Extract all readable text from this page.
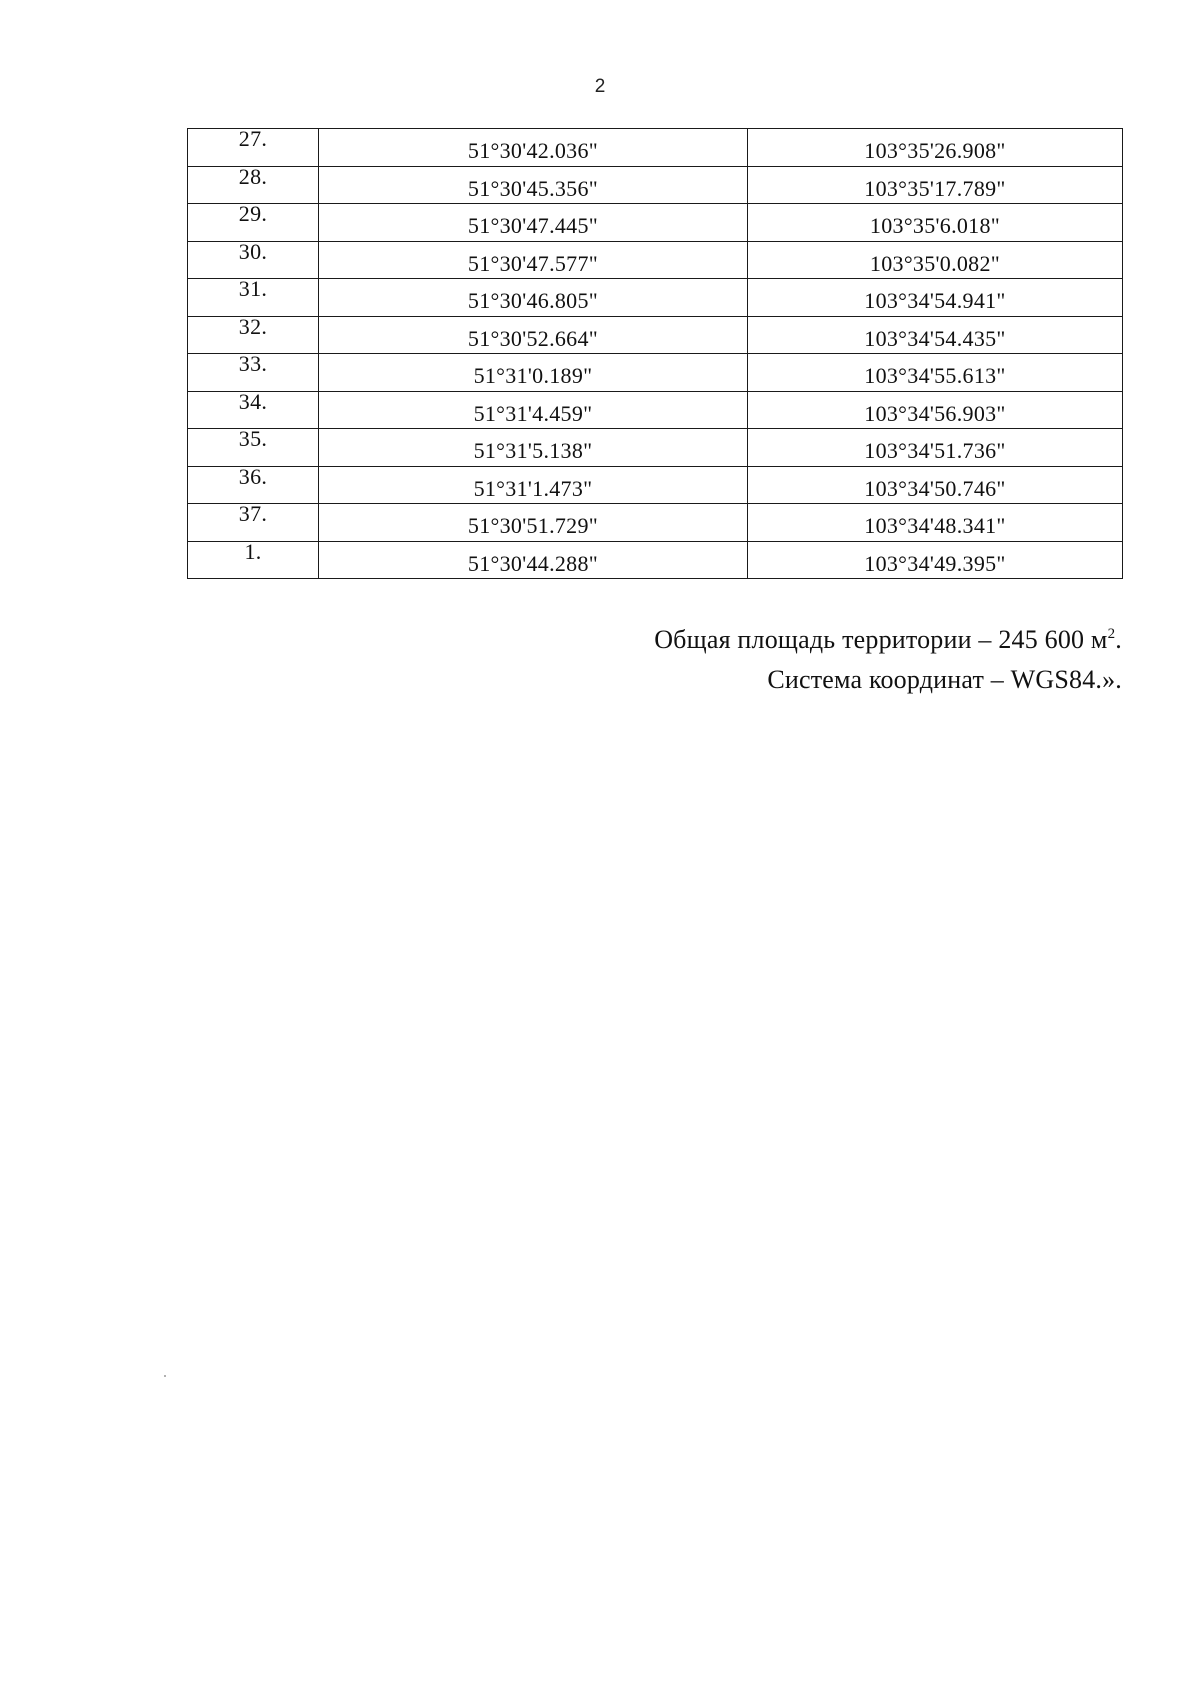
2
27.	51°30'42.036"	103°35'26.908"
28.	51°30'45.356"	103°35'17.789"
29.	51°30'47.445"	103°35'6.018"
30.	51°30'47.577"	103°35'0.082"
31.	51°30'46.805"	103°34'54.941"
32.	51°30'52.664"	103°34'54.435"
33.	51°31'0.189"	103°34'55.613"
34.	51°31'4.459"	103°34'56.903"
35.	51°31'5.138"	103°34'51.736"
36.	51°31'1.473"	103°34'50.746"
37.	51°30'51.729"	103°34'48.341"
1.	51°30'44.288"	103°34'49.395"
Общая площадь территории – 245 600 $м^2$.
Система координат – WGS84.».
